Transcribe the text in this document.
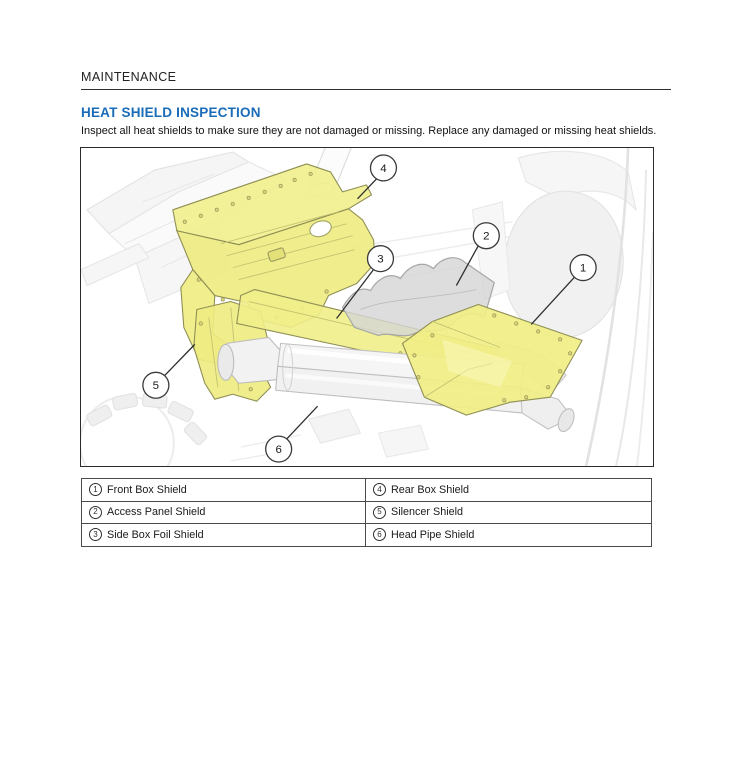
MAINTENANCE
HEAT SHIELD INSPECTION
Inspect all heat shields to make sure they are not damaged or missing. Replace any damaged or missing heat shields.
1
2
3
4
5
6
1 Front Box Shield	4 Rear Box Shield
2 Access Panel Shield	5 Silencer Shield
3 Side Box Foil Shield	6 Head Pipe Shield
